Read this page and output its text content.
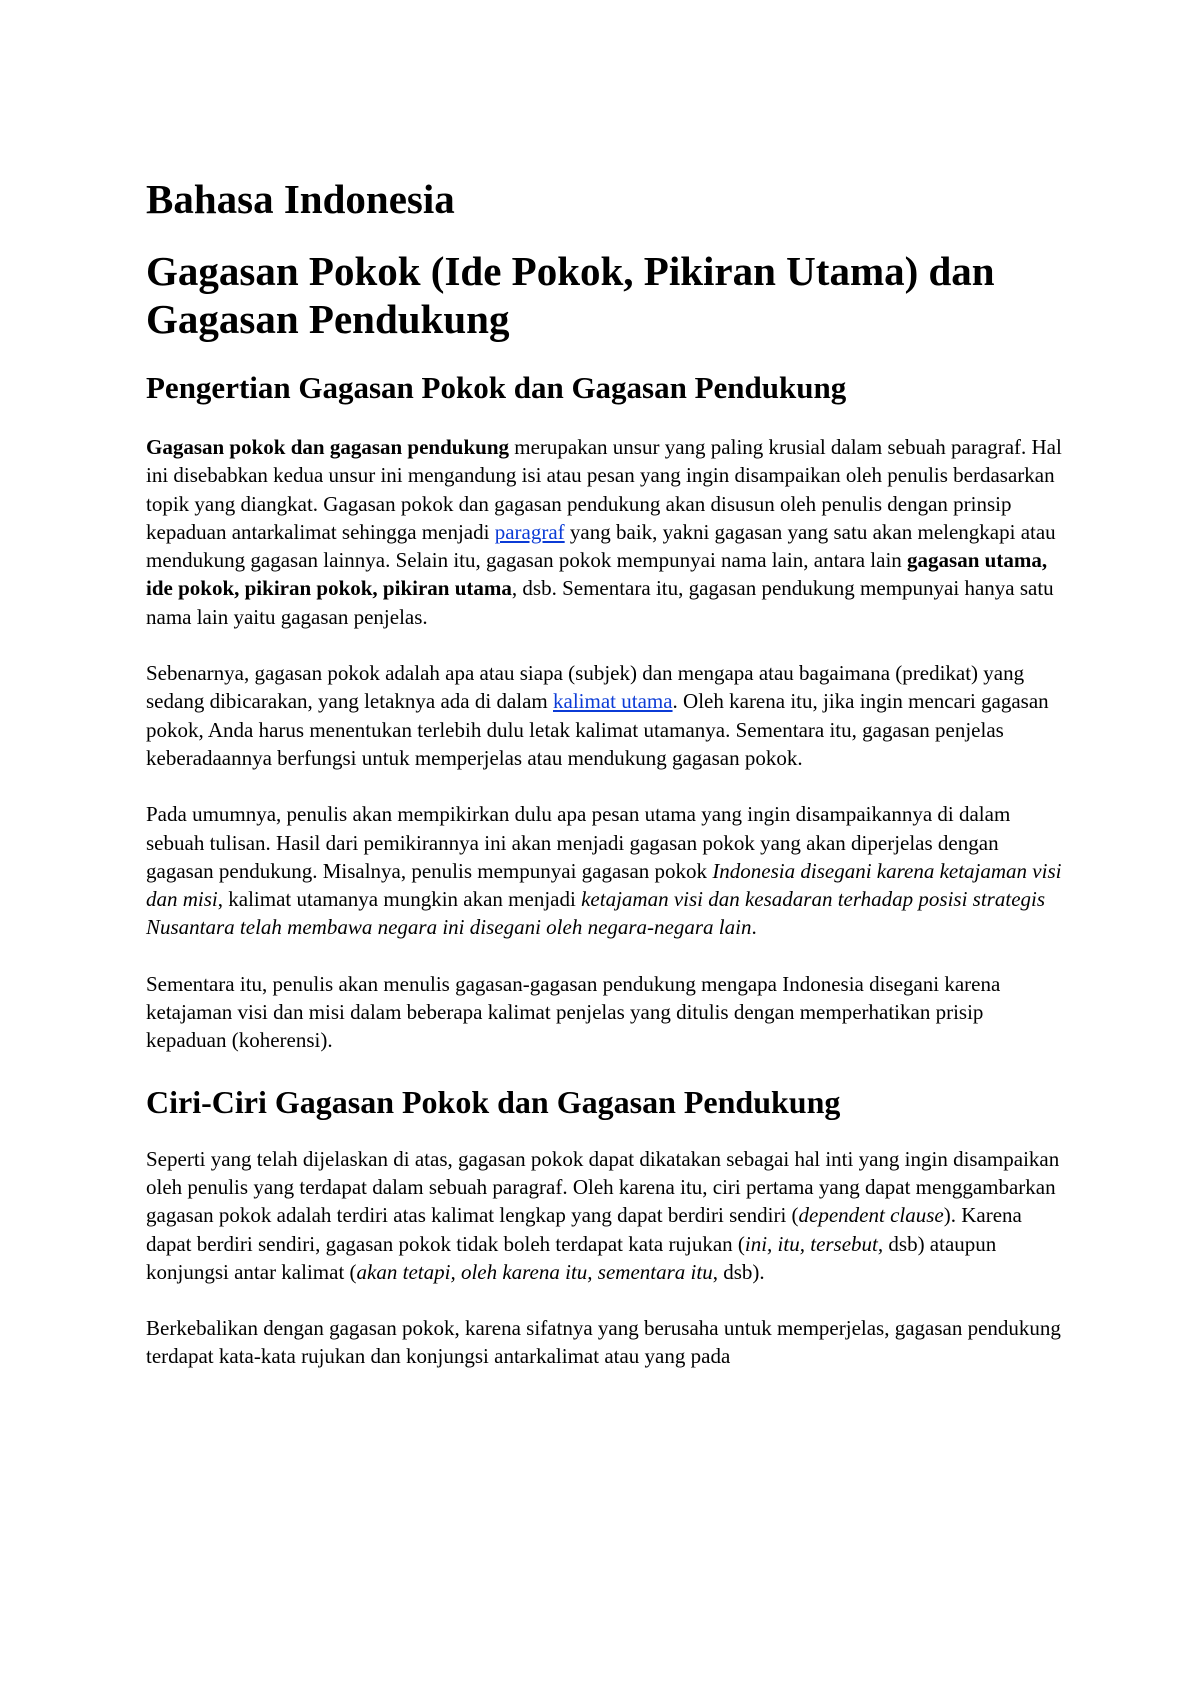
Bahasa Indonesia
Gagasan Pokok (Ide Pokok, Pikiran Utama) dan Gagasan Pendukung
Pengertian Gagasan Pokok dan Gagasan Pendukung

Gagasan pokok dan gagasan pendukung merupakan unsur yang paling krusial dalam sebuah paragraf. Hal ini disebabkan kedua unsur ini mengandung isi atau pesan yang ingin disampaikan oleh penulis berdasarkan topik yang diangkat. Gagasan pokok dan gagasan pendukung akan disusun oleh penulis dengan prinsip kepaduan antarkalimat sehingga menjadi paragraf yang baik, yakni gagasan yang satu akan melengkapi atau mendukung gagasan lainnya. Selain itu, gagasan pokok mempunyai nama lain, antara lain gagasan utama, ide pokok, pikiran pokok, pikiran utama, dsb. Sementara itu, gagasan pendukung mempunyai hanya satu nama lain yaitu gagasan penjelas.

Sebenarnya, gagasan pokok adalah apa atau siapa (subjek) dan mengapa atau bagaimana (predikat) yang sedang dibicarakan, yang letaknya ada di dalam kalimat utama. Oleh karena itu, jika ingin mencari gagasan pokok, Anda harus menentukan terlebih dulu letak kalimat utamanya. Sementara itu, gagasan penjelas keberadaannya berfungsi untuk memperjelas atau mendukung gagasan pokok.

Pada umumnya, penulis akan mempikirkan dulu apa pesan utama yang ingin disampaikannya di dalam sebuah tulisan. Hasil dari pemikirannya ini akan menjadi gagasan pokok yang akan diperjelas dengan gagasan pendukung. Misalnya, penulis mempunyai gagasan pokok Indonesia disegani karena ketajaman visi dan misi, kalimat utamanya mungkin akan menjadi ketajaman visi dan kesadaran terhadap posisi strategis Nusantara telah membawa negara ini disegani oleh negara-negara lain.

Sementara itu, penulis akan menulis gagasan-gagasan pendukung mengapa Indonesia disegani karena ketajaman visi dan misi dalam beberapa kalimat penjelas yang ditulis dengan memperhatikan prisip kepaduan (koherensi).

Ciri-Ciri Gagasan Pokok dan Gagasan Pendukung

Seperti yang telah dijelaskan di atas, gagasan pokok dapat dikatakan sebagai hal inti yang ingin disampaikan oleh penulis yang terdapat dalam sebuah paragraf. Oleh karena itu, ciri pertama yang dapat menggambarkan gagasan pokok adalah terdiri atas kalimat lengkap yang dapat berdiri sendiri (dependent clause). Karena dapat berdiri sendiri, gagasan pokok tidak boleh terdapat kata rujukan (ini, itu, tersebut, dsb) ataupun konjungsi antar kalimat (akan tetapi, oleh karena itu, sementara itu, dsb).

Berkebalikan dengan gagasan pokok, karena sifatnya yang berusaha untuk memperjelas, gagasan pendukung terdapat kata-kata rujukan dan konjungsi antarkalimat atau yang pada
